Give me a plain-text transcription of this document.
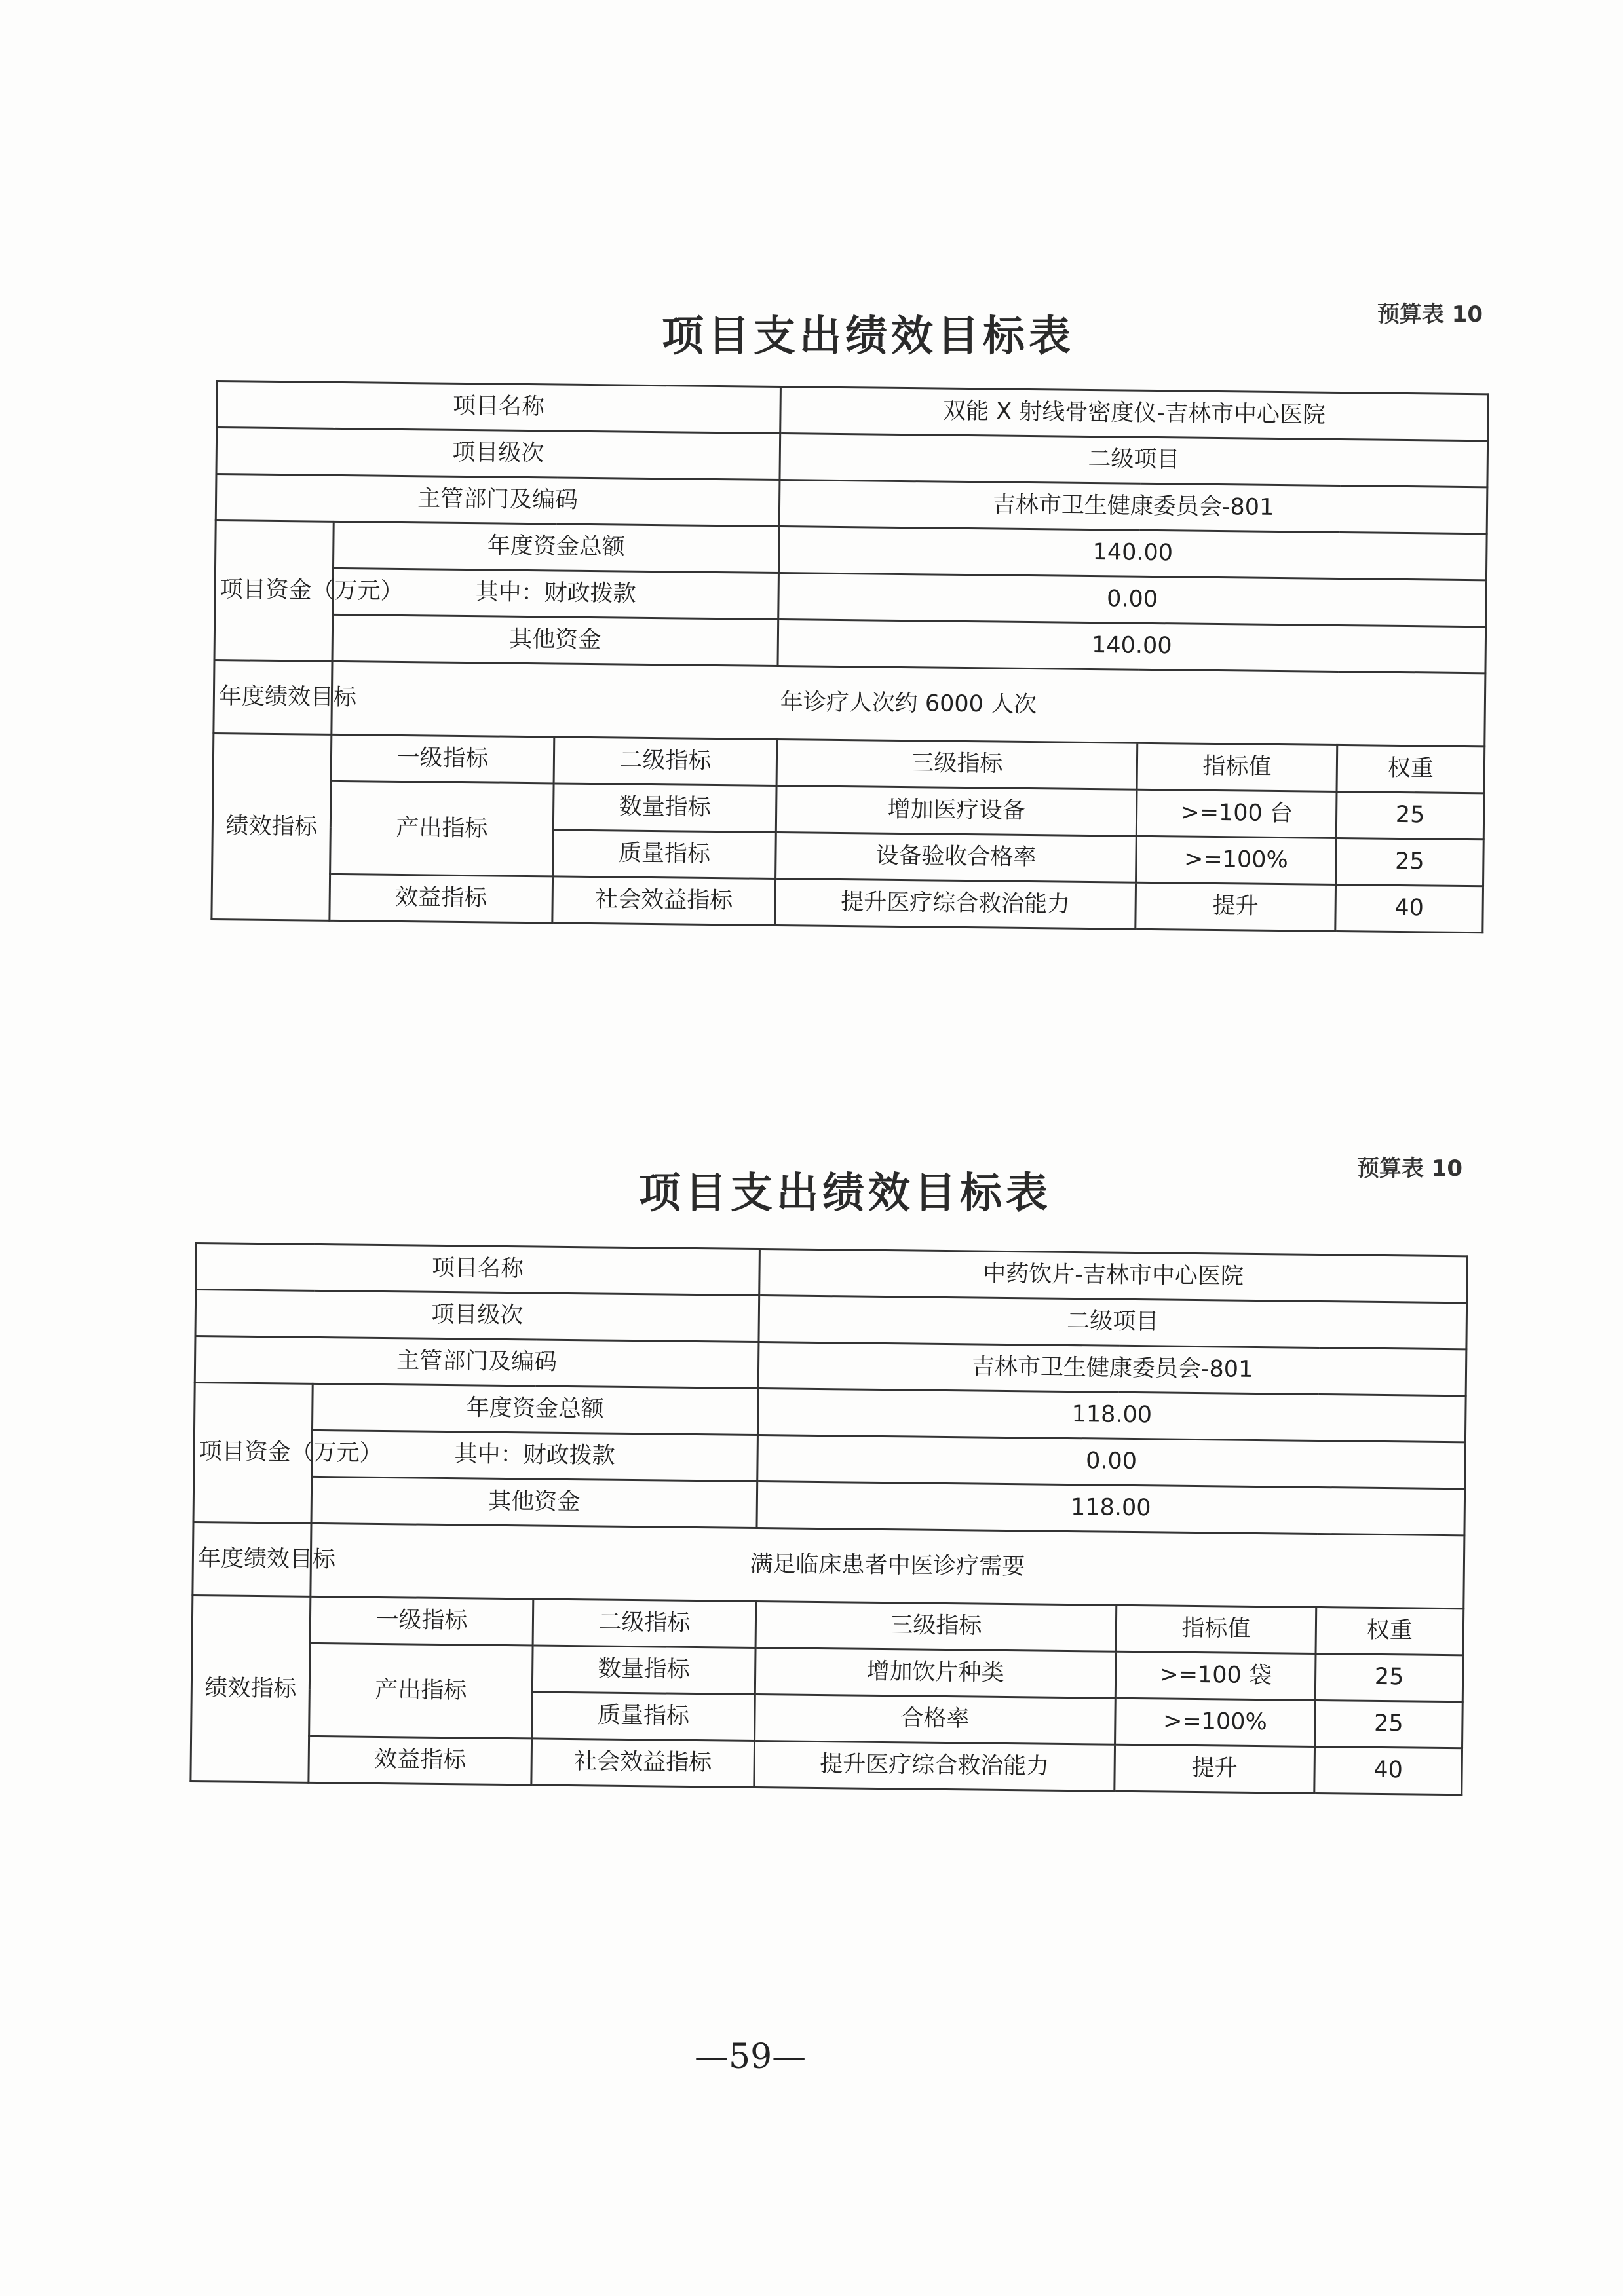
预算表 10
项目支出绩效目标表
项目名称			双能 X 射线骨密度仪-吉林市中心医院		
项目级次			二级项目		
主管部门及编码			吉林市卫生健康委员会-801		
项目资金（万元）	年度资金总额		140.00		
	其中：财政拨款		0.00		
	其他资金		140.00		
年度绩效目标	年诊疗人次约 6000 人次				
绩效指标	一级指标	二级指标	三级指标	指标值	权重
	产出指标	数量指标	增加医疗设备	>=100 台	25
		质量指标	设备验收合格率	>=100%	25
	效益指标	社会效益指标	提升医疗综合救治能力	提升	40
预算表 10
项目支出绩效目标表
项目名称			中药饮片-吉林市中心医院		
项目级次			二级项目		
主管部门及编码			吉林市卫生健康委员会-801		
项目资金（万元）	年度资金总额		118.00		
	其中：财政拨款		0.00		
	其他资金		118.00		
年度绩效目标	满足临床患者中医诊疗需要				
绩效指标	一级指标	二级指标	三级指标	指标值	权重
	产出指标	数量指标	增加饮片种类	>=100 袋	25
		质量指标	合格率	>=100%	25
	效益指标	社会效益指标	提升医疗综合救治能力	提升	40
—59—
